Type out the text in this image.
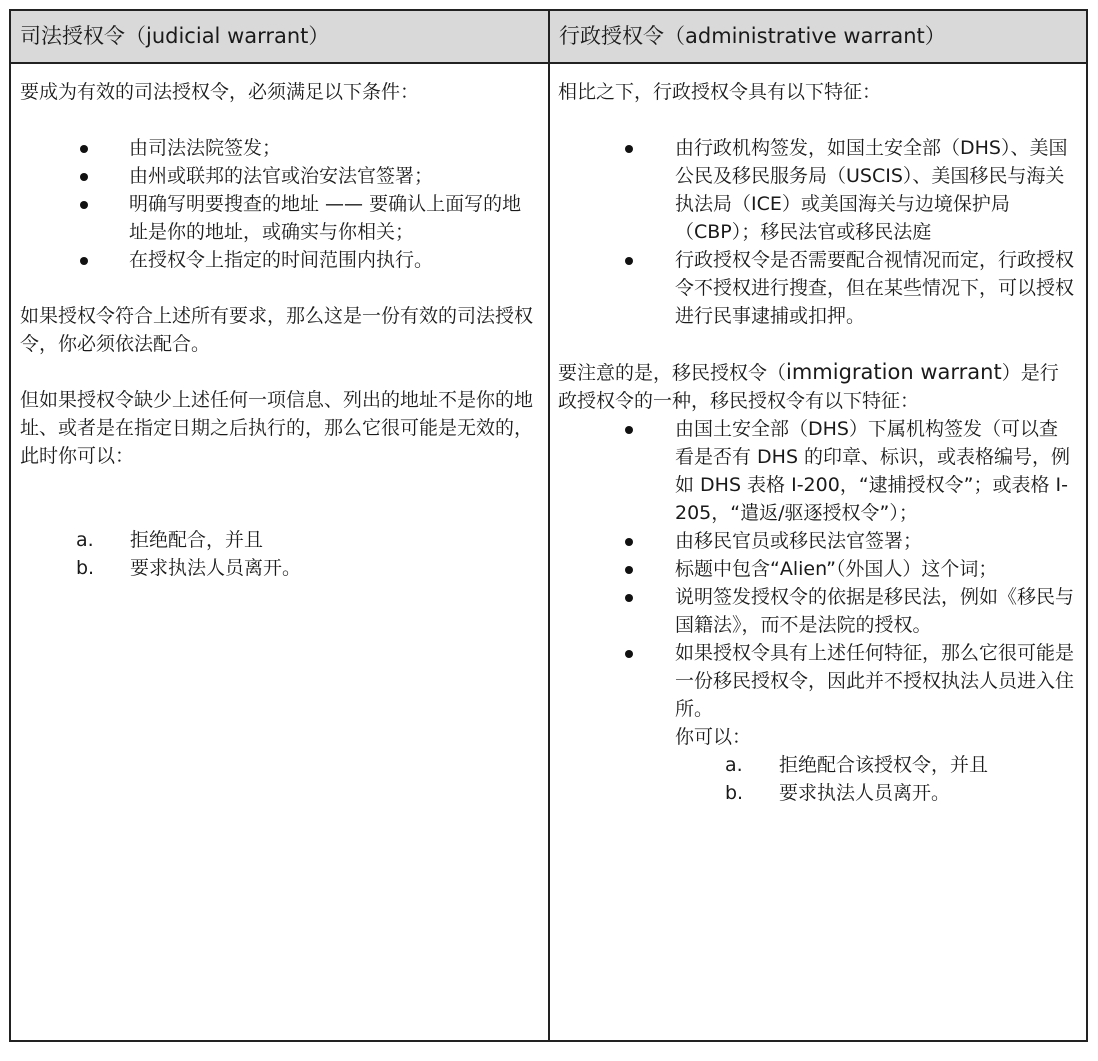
司法授权令（judicial warrant）	行政授权令（administrative warrant）

要成为有效的司法授权令，必须满足以下条件：

由司法法院签发；
由州或联邦的法官或治安法官签署；
明确写明要搜查的地址 —— 要确认上面写的地址是你的地址，或确实与你相关；
在授权令上指定的时间范围内执行。

如果授权令符合上述所有要求，那么这是一份有效的司法授权令，你必须依法配合。

但如果授权令缺少上述任何一项信息、列出的地址不是你的地址、或者是在指定日期之后执行的，那么它很可能是无效的，此时你可以：

a. 拒绝配合，并且
b. 要求执法人员离开。

相比之下，行政授权令具有以下特征：

由行政机构签发，如国土安全部（DHS）、美国公民及移民服务局（USCIS）、美国移民与海关执法局（ICE）或美国海关与边境保护局（CBP）；移民法官或移民法庭
行政授权令是否需要配合视情况而定，行政授权令不授权进行搜查，但在某些情况下，可以授权进行民事逮捕或扣押。

要注意的是，移民授权令（immigration warrant）是行政授权令的一种，移民授权令有以下特征：

由国土安全部（DHS）下属机构签发（可以查看是否有 DHS 的印章、标识，或表格编号，例如 DHS 表格 I-200，“逮捕授权令”；或表格 I-205，“遣返/驱逐授权令”）；
由移民官员或移民法官签署；
标题中包含“Alien”（外国人）这个词；
说明签发授权令的依据是移民法，例如《移民与国籍法》，而不是法院的授权。
如果授权令具有上述任何特征，那么它很可能是一份移民授权令，因此并不授权执法人员进入住所。
你可以：
a. 拒绝配合该授权令，并且
b. 要求执法人员离开。
